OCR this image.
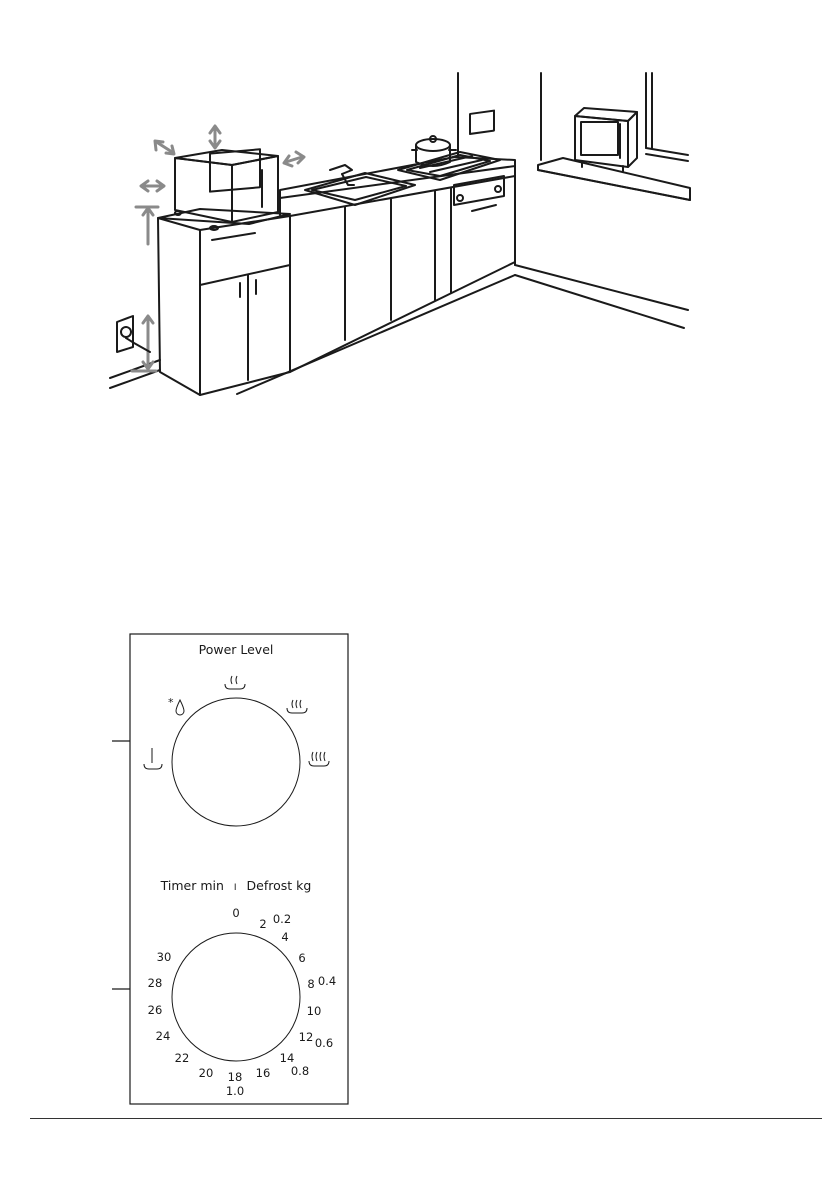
Power Level
*
Timer min I Defrost kg
0
2
4
6
8
10
12
14
16
18
20
22
24
26
28
30
0.2
0.4
0.6
0.8
1.0
